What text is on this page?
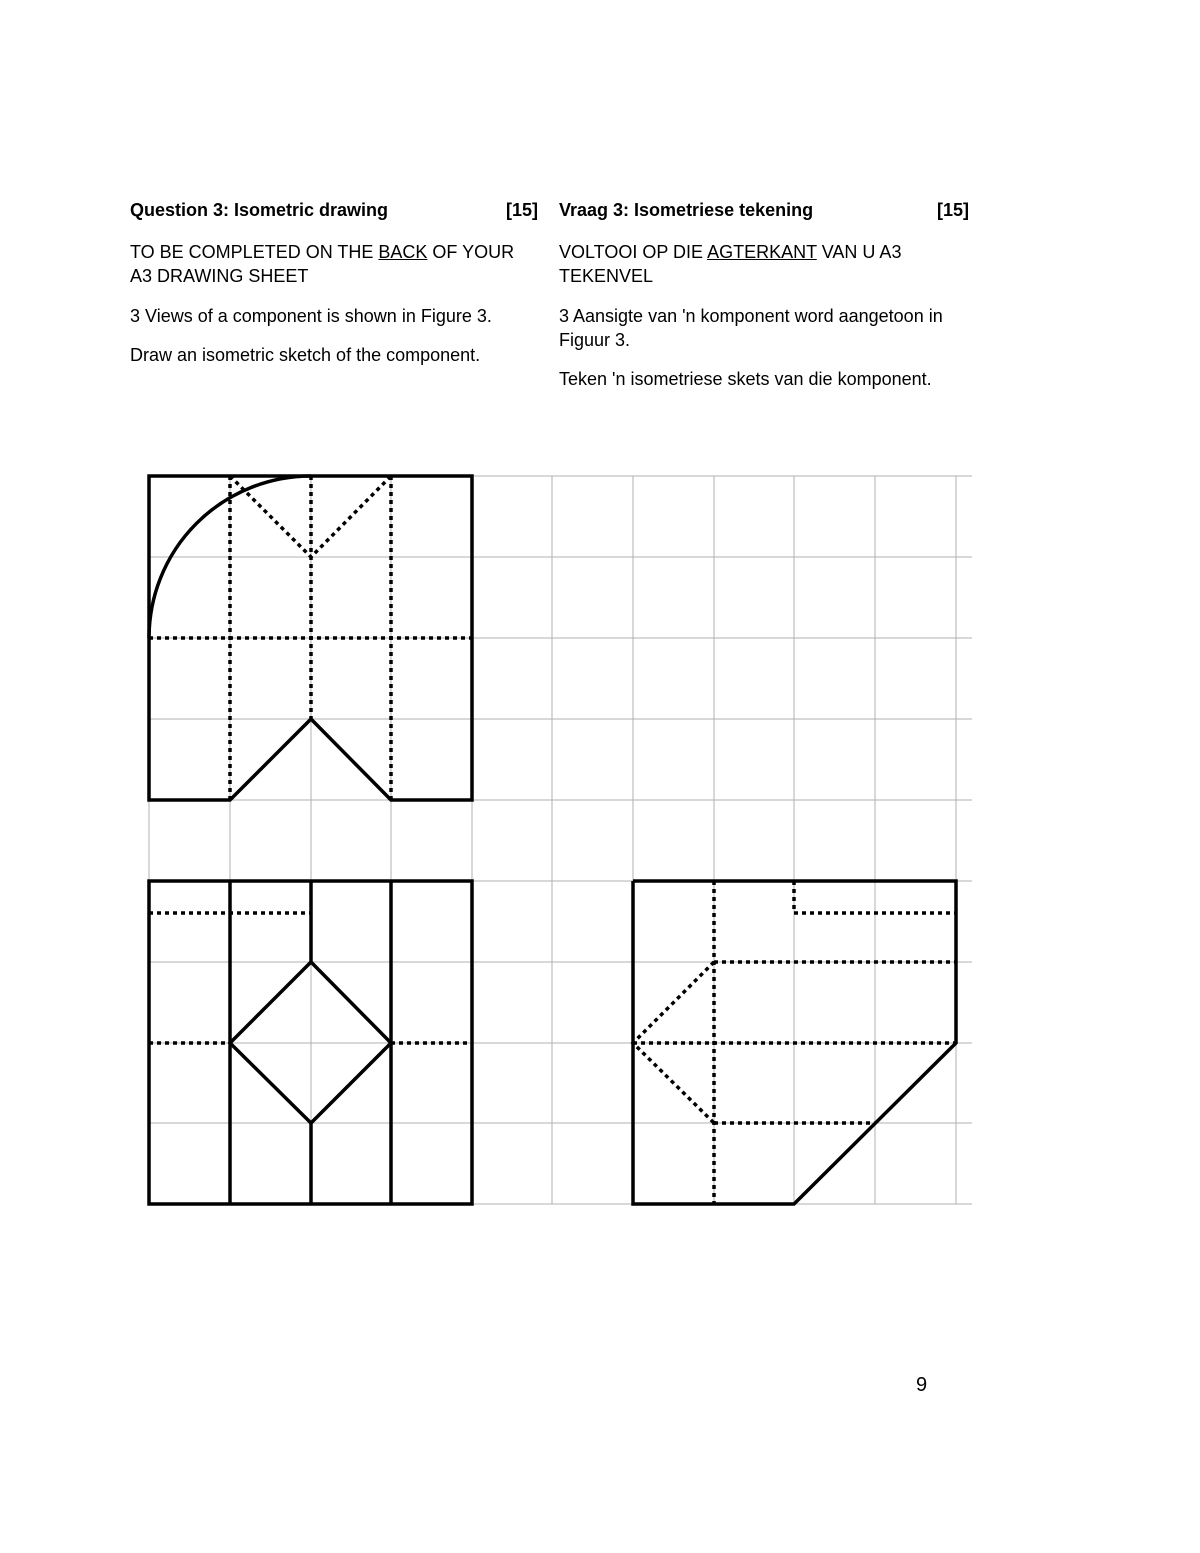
Question 3: Isometric drawing	[15]

TO BE COMPLETED ON THE BACK OF YOUR A3 DRAWING SHEET

3 Views of a component is shown in Figure 3.

Draw an isometric sketch of the component.

Vraag 3: Isometriese tekening	[15]

VOLTOOI OP DIE AGTERKANT VAN U A3 TEKENVEL

3 Aansigte van 'n komponent word aangetoon in Figuur 3.

Teken 'n isometriese skets van die komponent.

9
